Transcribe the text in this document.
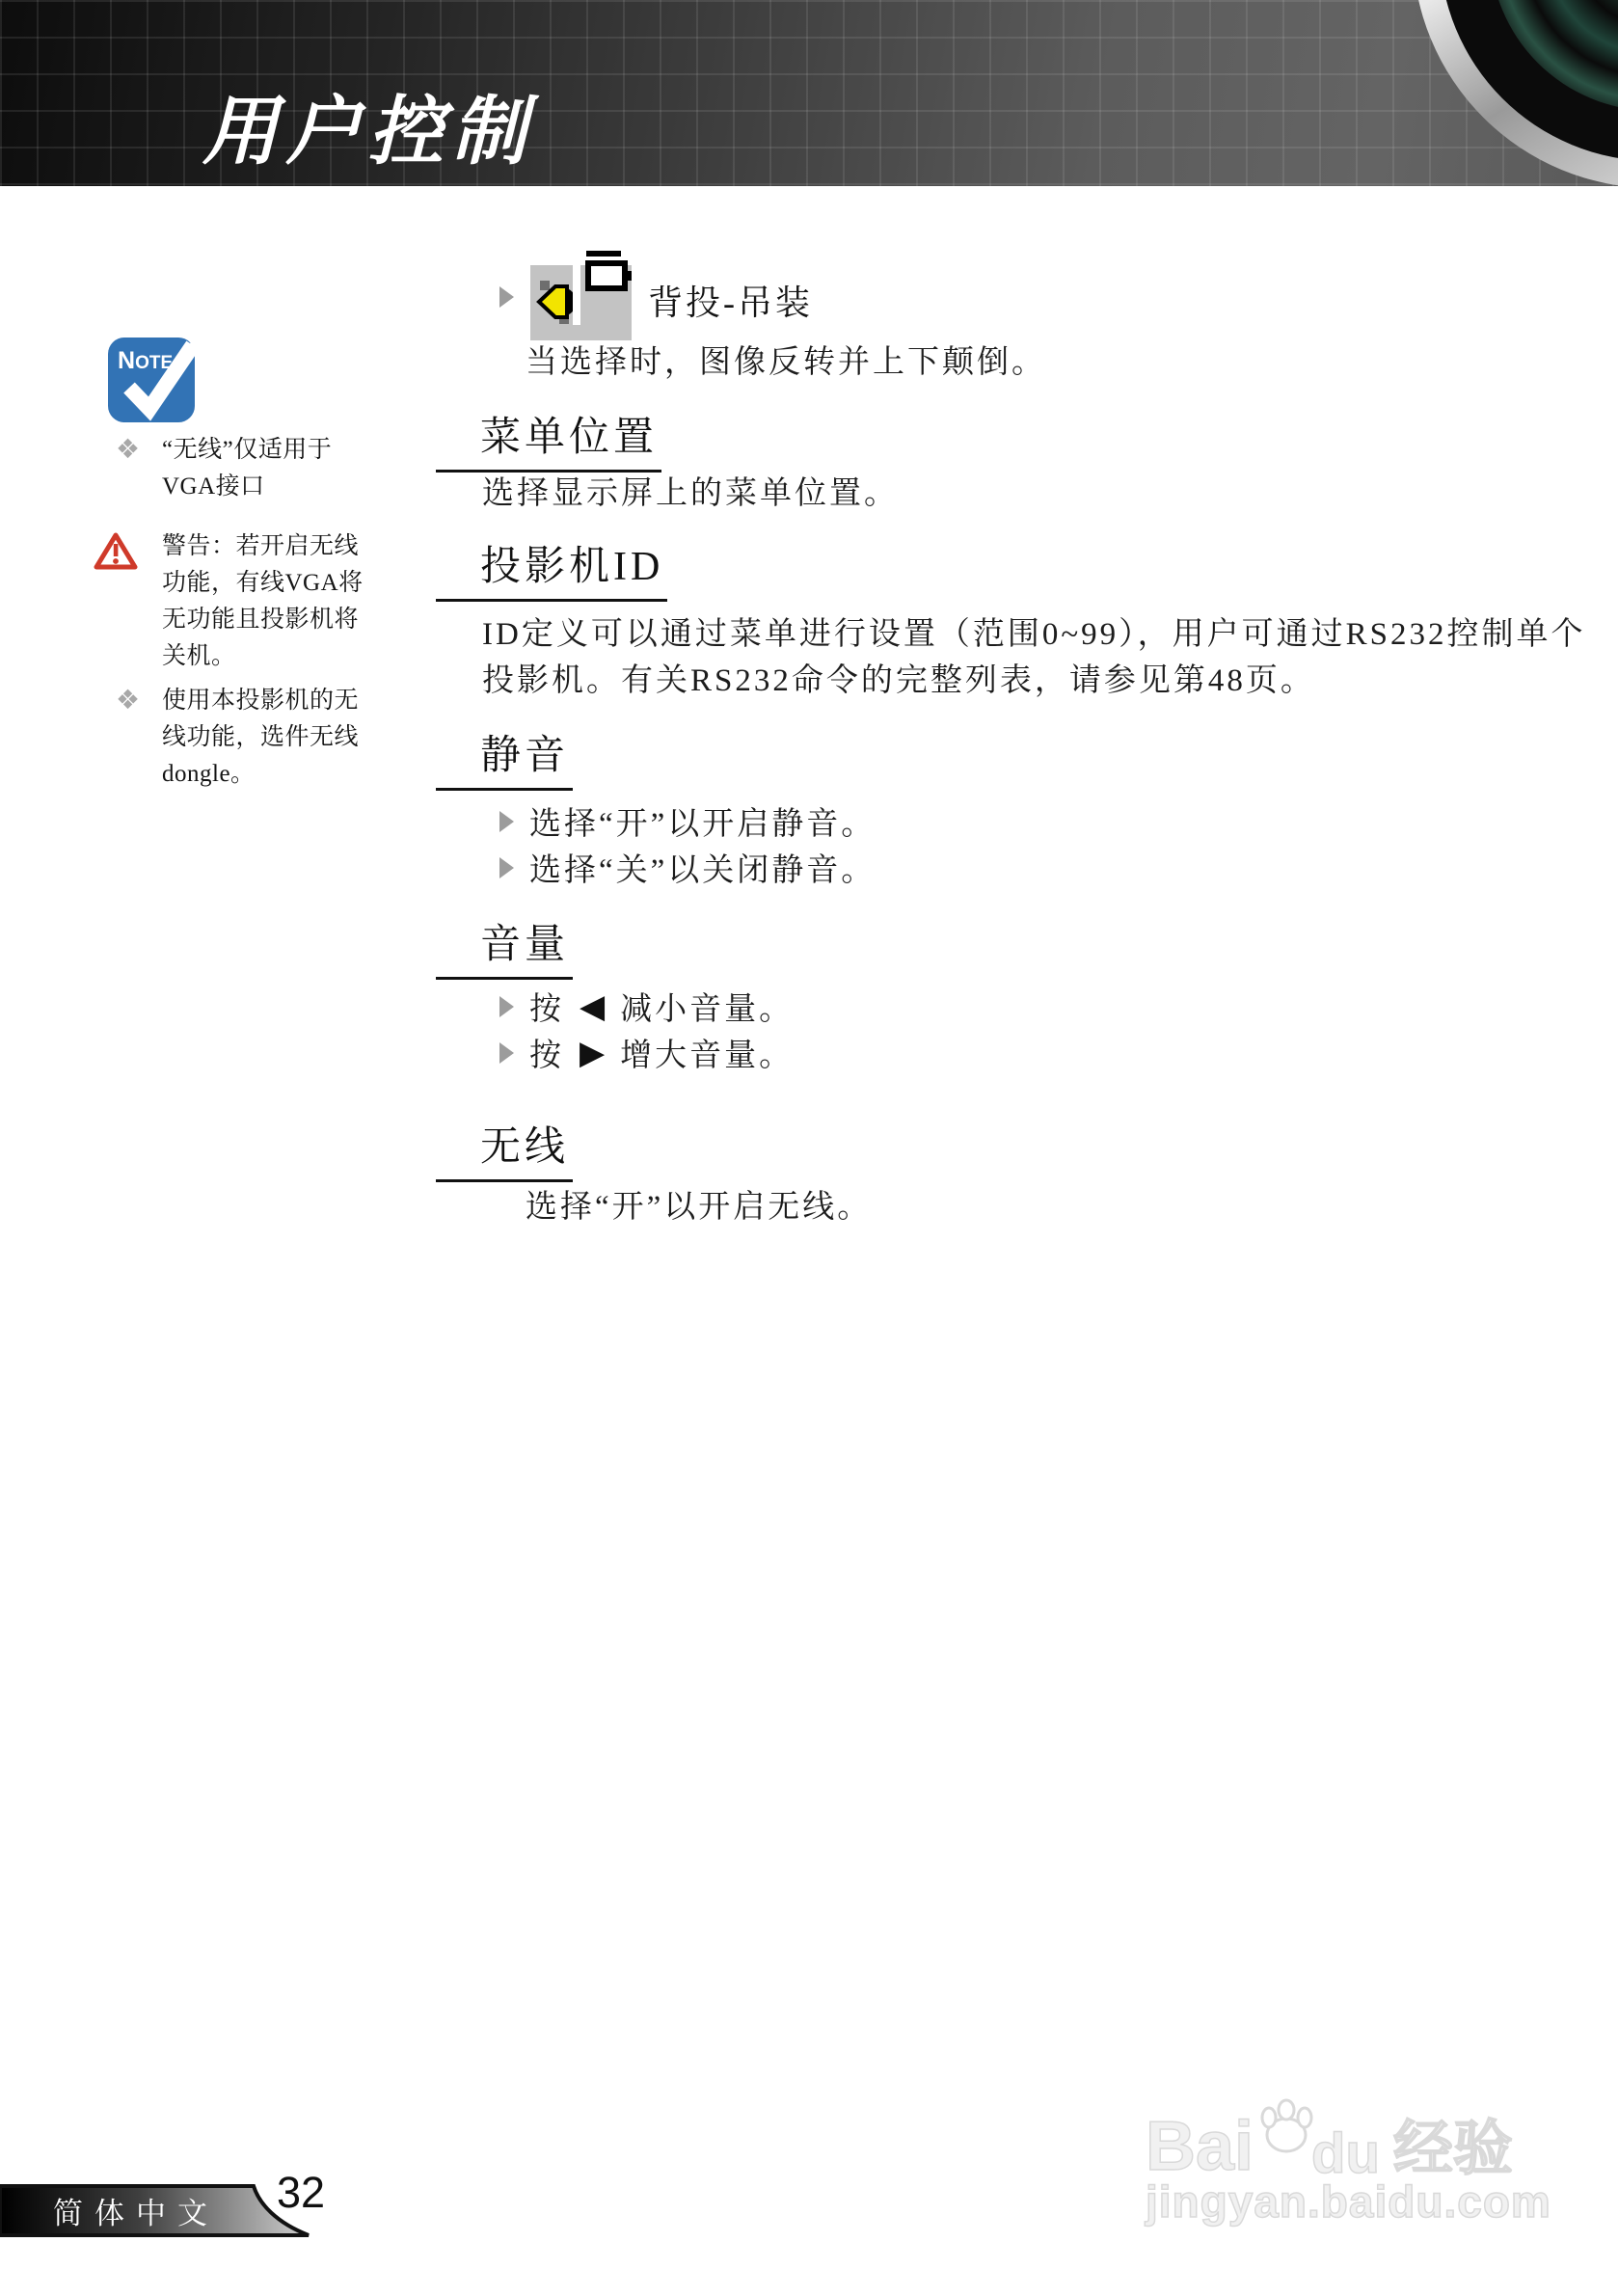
用户控制
NOTE
❖ “无线”仅适用于VGA接口
警告：若开启无线功能，有线VGA将无功能且投影机将关机。
❖ 使用本投影机的无线功能，选件无线dongle。
背投-吊装
当选择时，图像反转并上下颠倒。
菜单位置
选择显示屏上的菜单位置。
投影机ID
ID定义可以通过菜单进行设置（范围0~99），用户可通过RS232控制单个投影机。有关RS232命令的完整列表，请参见第48页。
静音
选择“开”以开启静音。
选择“关”以关闭静音。
音量
按 ◀ 减小音量。
按 ▶ 增大音量。
无线
选择“开”以开启无线。
简体中文 32
Bai du 经验
jingyan.baidu.com
